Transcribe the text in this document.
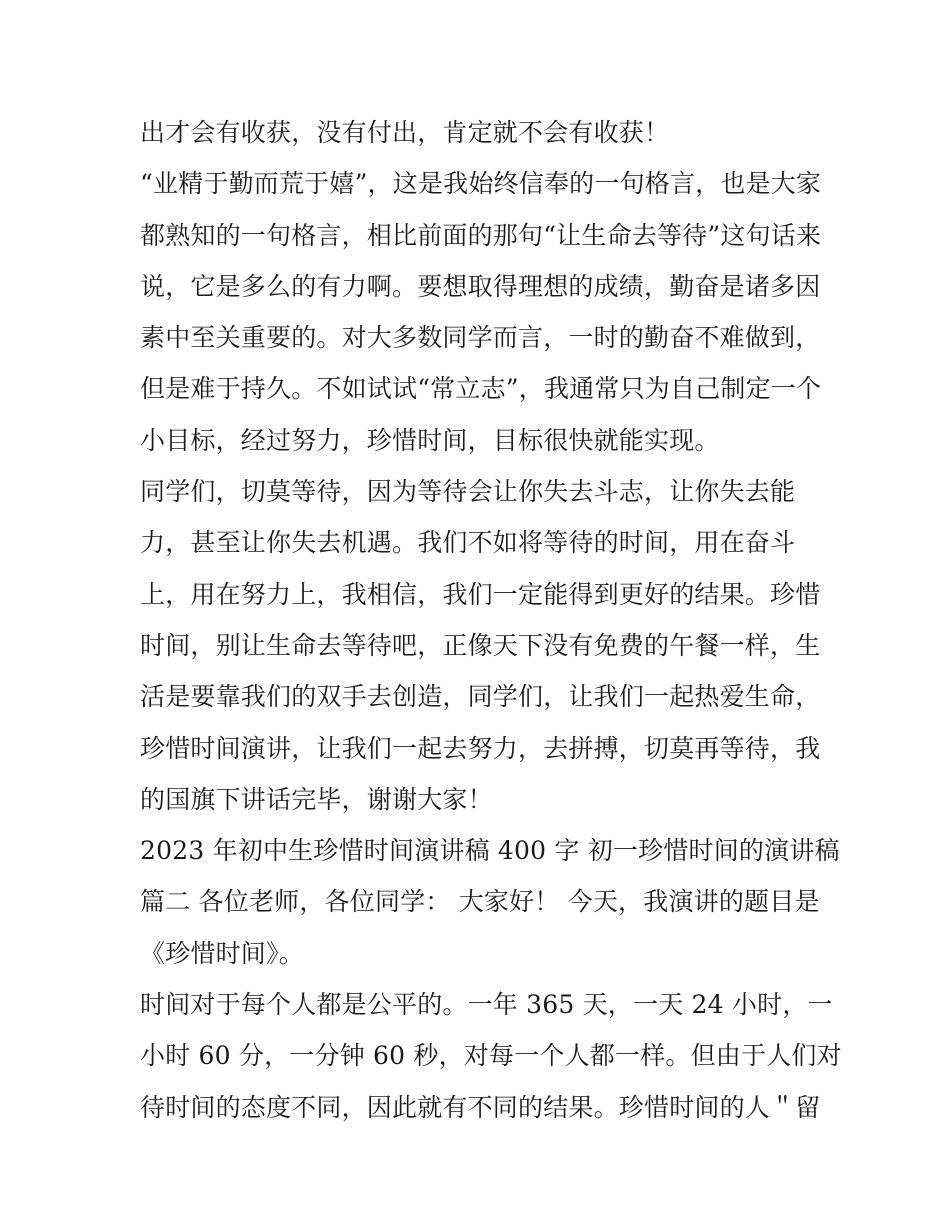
出才会有收获，没有付出，肯定就不会有收获！
“业精于勤而荒于嬉”，这是我始终信奉的一句格言，也是大家
都熟知的一句格言，相比前面的那句“让生命去等待”这句话来
说，它是多么的有力啊。要想取得理想的成绩，勤奋是诸多因
素中至关重要的。对大多数同学而言，一时的勤奋不难做到，
但是难于持久。不如试试“常立志”，我通常只为自己制定一个
小目标，经过努力，珍惜时间，目标很快就能实现。
同学们，切莫等待，因为等待会让你失去斗志，让你失去能
力，甚至让你失去机遇。我们不如将等待的时间，用在奋斗
上，用在努力上，我相信，我们一定能得到更好的结果。珍惜
时间，别让生命去等待吧，正像天下没有免费的午餐一样，生
活是要靠我们的双手去创造，同学们，让我们一起热爱生命，
珍惜时间演讲，让我们一起去努力，去拼搏，切莫再等待，我
的国旗下讲话完毕，谢谢大家！
2023 年初中生珍惜时间演讲稿 400 字 初一珍惜时间的演讲稿
篇二 各位老师，各位同学： 大家好！ 今天，我演讲的题目是
《珍惜时间》。
时间对于每个人都是公平的。一年 365 天，一天 24 小时，一
小时 60 分，一分钟 60 秒，对每一个人都一样。但由于人们对
待时间的态度不同，因此就有不同的结果。珍惜时间的人＂留
